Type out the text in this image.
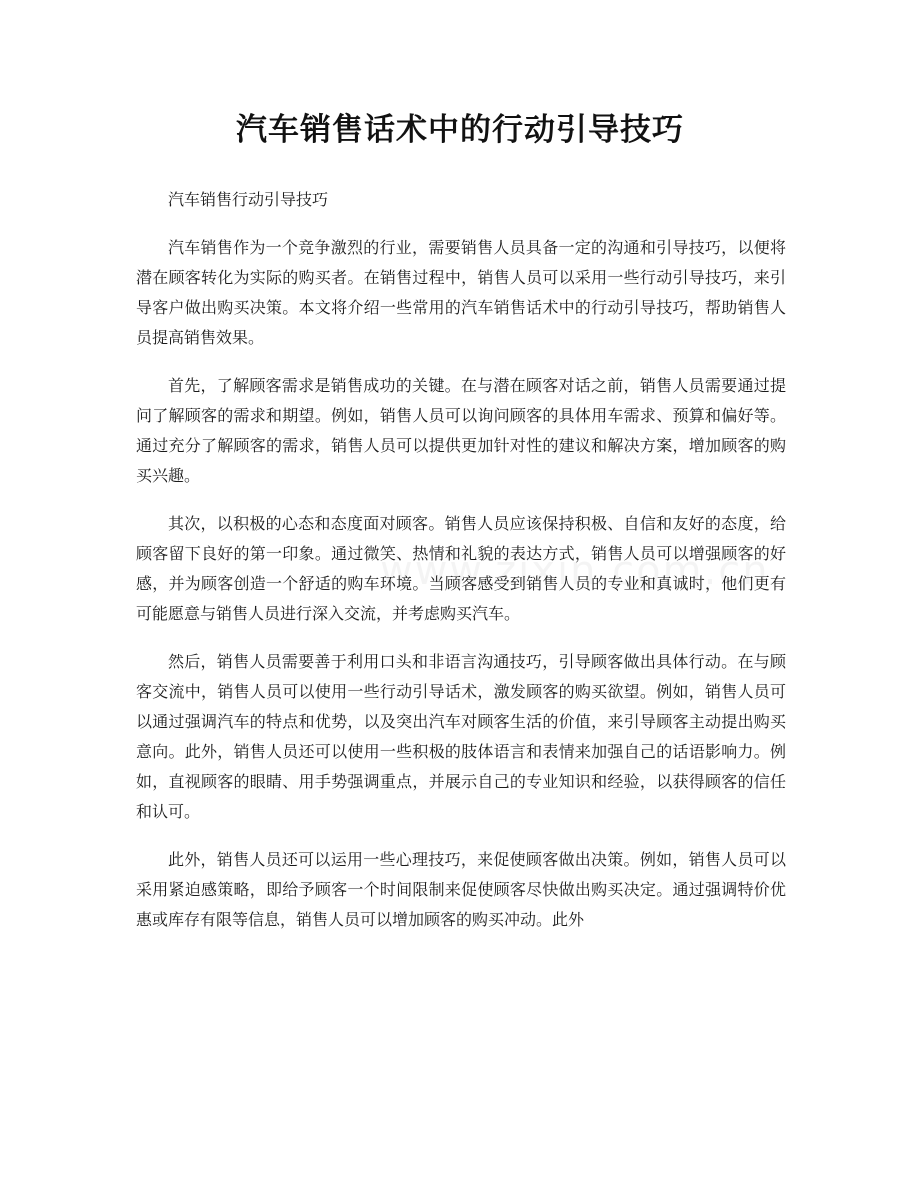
汽车销售话术中的行动引导技巧

汽车销售行动引导技巧

汽车销售作为一个竞争激烈的行业，需要销售人员具备一定的沟通和引导技巧，以便将潜在顾客转化为实际的购买者。在销售过程中，销售人员可以采用一些行动引导技巧，来引导客户做出购买决策。本文将介绍一些常用的汽车销售话术中的行动引导技巧，帮助销售人员提高销售效果。

首先，了解顾客需求是销售成功的关键。在与潜在顾客对话之前，销售人员需要通过提问了解顾客的需求和期望。例如，销售人员可以询问顾客的具体用车需求、预算和偏好等。通过充分了解顾客的需求，销售人员可以提供更加针对性的建议和解决方案，增加顾客的购买兴趣。

其次，以积极的心态和态度面对顾客。销售人员应该保持积极、自信和友好的态度，给顾客留下良好的第一印象。通过微笑、热情和礼貌的表达方式，销售人员可以增强顾客的好感，并为顾客创造一个舒适的购车环境。当顾客感受到销售人员的专业和真诚时，他们更有可能愿意与销售人员进行深入交流，并考虑购买汽车。

然后，销售人员需要善于利用口头和非语言沟通技巧，引导顾客做出具体行动。在与顾客交流中，销售人员可以使用一些行动引导话术，激发顾客的购买欲望。例如，销售人员可以通过强调汽车的特点和优势，以及突出汽车对顾客生活的价值，来引导顾客主动提出购买意向。此外，销售人员还可以使用一些积极的肢体语言和表情来加强自己的话语影响力。例如，直视顾客的眼睛、用手势强调重点，并展示自己的专业知识和经验，以获得顾客的信任和认可。

此外，销售人员还可以运用一些心理技巧，来促使顾客做出决策。例如，销售人员可以采用紧迫感策略，即给予顾客一个时间限制来促使顾客尽快做出购买决定。通过强调特价优惠或库存有限等信息，销售人员可以增加顾客的购买冲动。此外
